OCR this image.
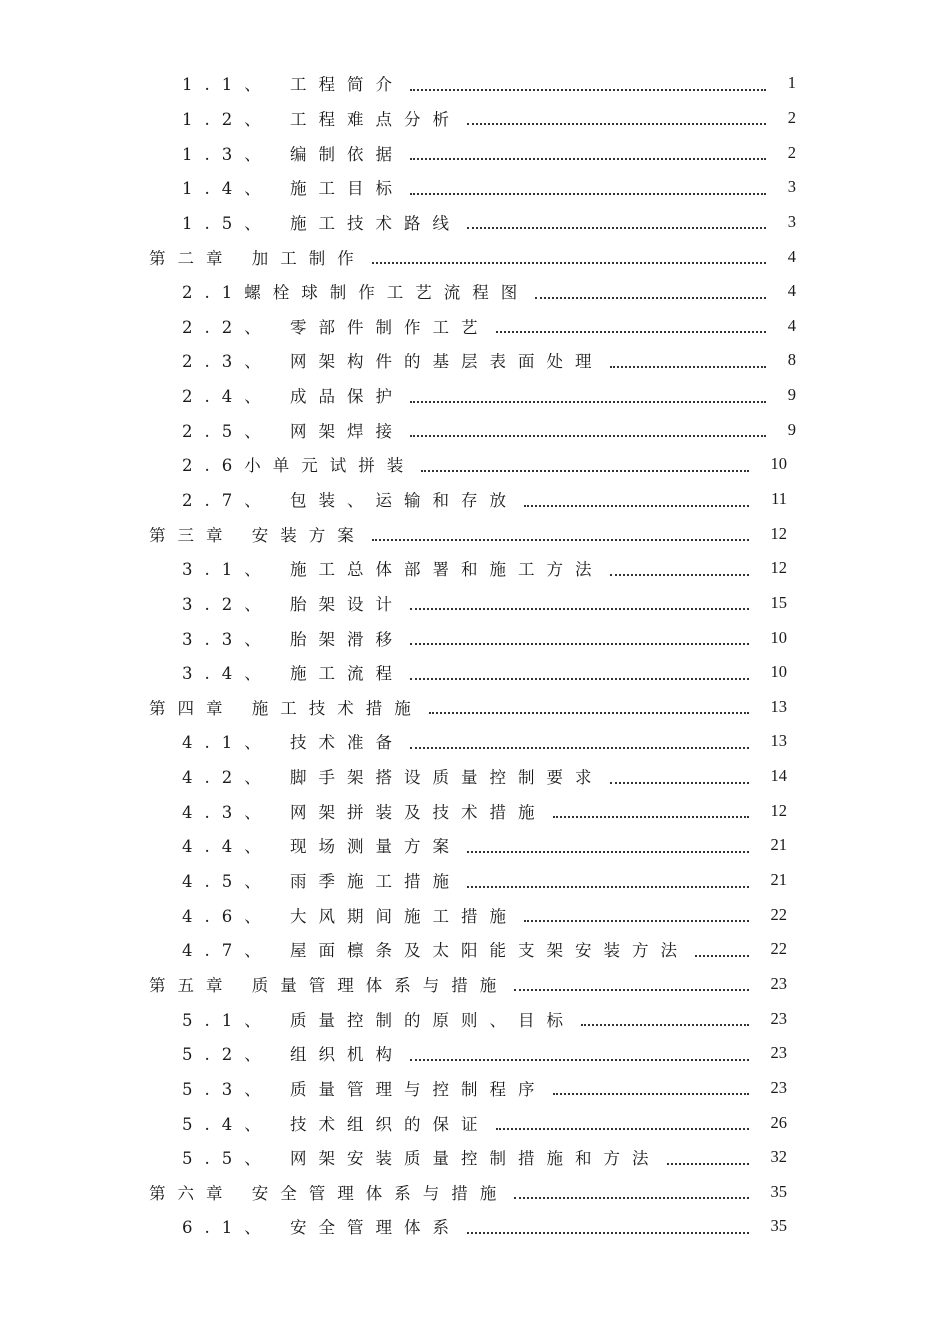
1.1、 工程简介	1
1.2、 工程难点分析	2
1.3、 编制依据	2
1.4、 施工目标	3
1.5、 施工技术路线	3
第二章 加工制作	4
2.1螺栓球制作工艺流程图	4
2.2、 零部件制作工艺	4
2.3、 网架构件的基层表面处理	8
2.4、 成品保护	9
2.5、 网架焊接	9
2.6小单元试拼装	10
2.7、 包装、运输和存放	11
第三章 安装方案	12
3.1、 施工总体部署和施工方法	12
3.2、 胎架设计	15
3.3、 胎架滑移	10
3.4、 施工流程	10
第四章 施工技术措施	13
4.1、 技术准备	13
4.2、 脚手架搭设质量控制要求	14
4.3、 网架拼装及技术措施	12
4.4、 现场测量方案	21
4.5、 雨季施工措施	21
4.6、 大风期间施工措施	22
4.7、 屋面檩条及太阳能支架安装方法	22
第五章 质量管理体系与措施	23
5.1、 质量控制的原则、目标	23
5.2、 组织机构	23
5.3、 质量管理与控制程序	23
5.4、 技术组织的保证	26
5.5、 网架安装质量控制措施和方法	32
第六章 安全管理体系与措施	35
6.1、 安全管理体系	35
